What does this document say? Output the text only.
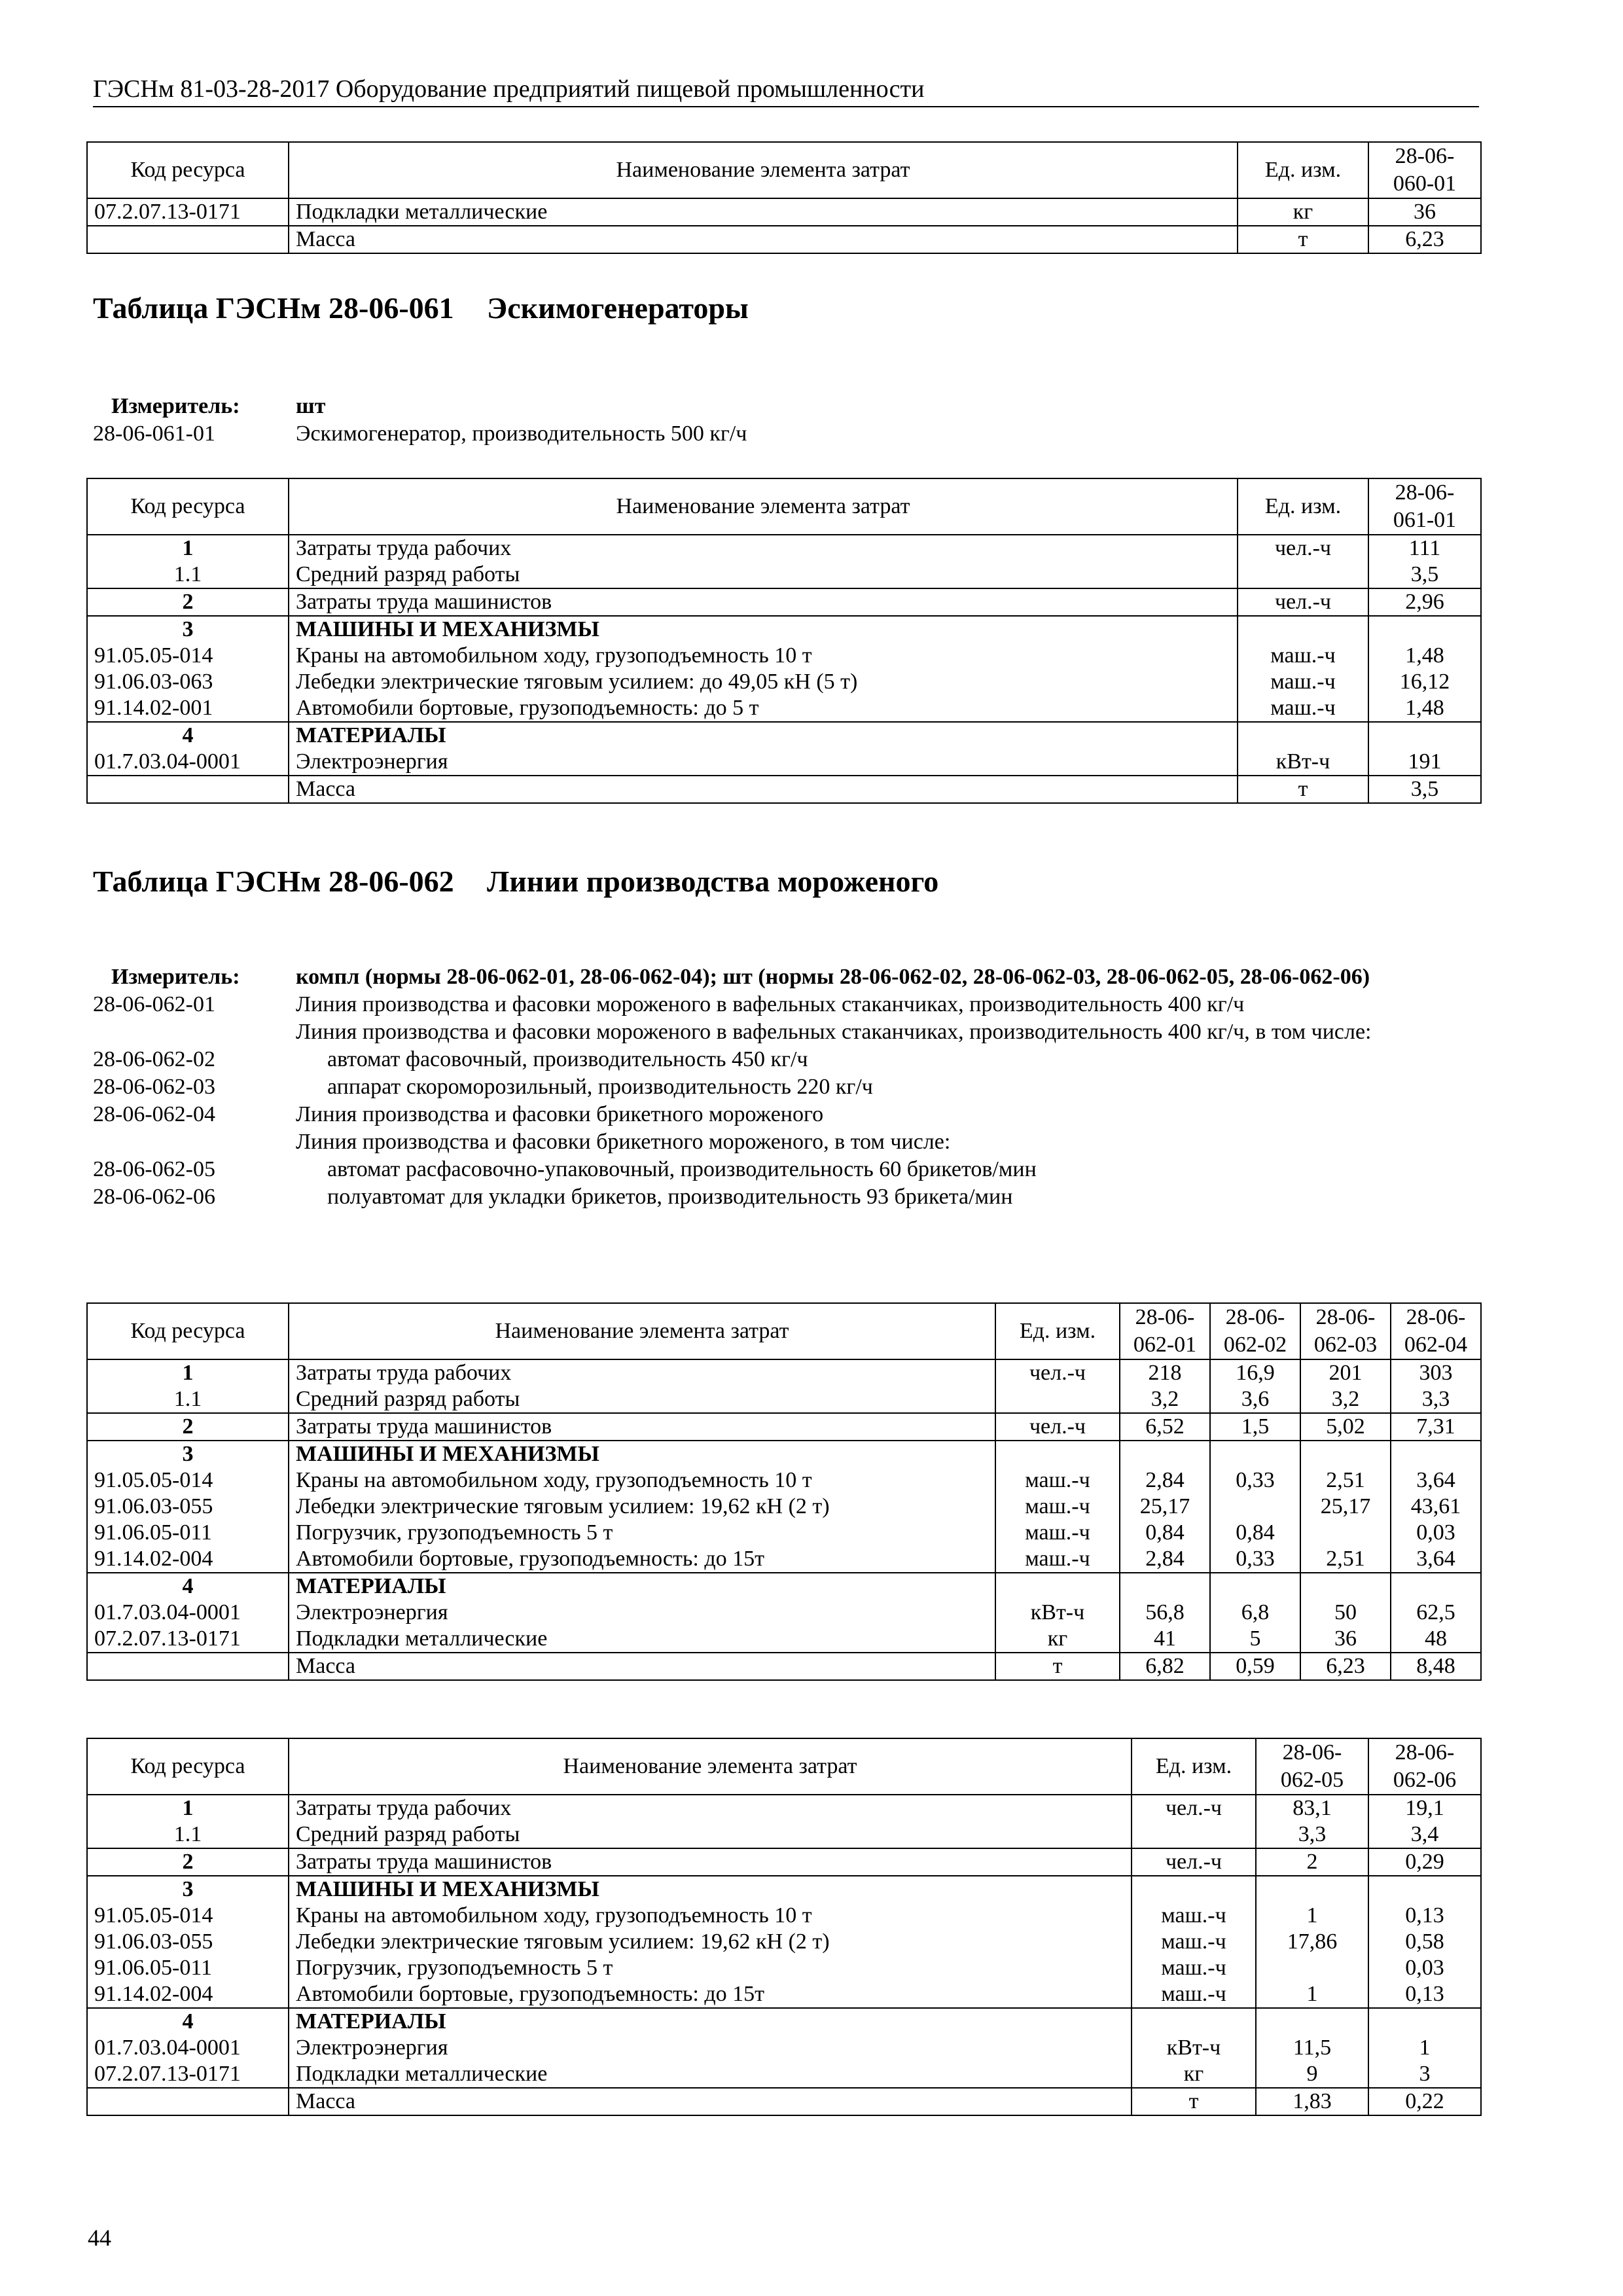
ГЭСНм 81-03-28-2017 Оборудование предприятий пищевой промышленности
Код ресурса	Наименование элемента затрат	Ед. изм.	28-06-060-01
07.2.07.13-0171	Подкладки металлические	кг	36
	Масса	т	6,23
Таблица ГЭСНм 28-06-061 Эскимогенераторы
Измеритель:	шт
28-06-061-01	Эскимогенератор, производительность 500 кг/ч
Код ресурса	Наименование элемента затрат	Ед. изм.	28-06-061-01
1	Затраты труда рабочих	чел.-ч	111
1.1	Средний разряд работы		3,5
2	Затраты труда машинистов	чел.-ч	2,96
3	МАШИНЫ И МЕХАНИЗМЫ		
91.05.05-014	Краны на автомобильном ходу, грузоподъемность 10 т	маш.-ч	1,48
91.06.03-063	Лебедки электрические тяговым усилием: до 49,05 кН (5 т)	маш.-ч	16,12
91.14.02-001	Автомобили бортовые, грузоподъемность: до 5 т	маш.-ч	1,48
4	МАТЕРИАЛЫ		
01.7.03.04-0001	Электроэнергия	кВт-ч	191
	Масса	т	3,5
Таблица ГЭСНм 28-06-062 Линии производства мороженого
Измеритель:	компл (нормы 28-06-062-01, 28-06-062-04); шт (нормы 28-06-062-02, 28-06-062-03, 28-06-062-05, 28-06-062-06)
28-06-062-01	Линия производства и фасовки мороженого в вафельных стаканчиках, производительность 400 кг/ч
Линия производства и фасовки мороженого в вафельных стаканчиках, производительность 400 кг/ч, в том числе:
28-06-062-02	автомат фасовочный, производительность 450 кг/ч
28-06-062-03	аппарат скороморозильный, производительность 220 кг/ч
28-06-062-04	Линия производства и фасовки брикетного мороженого
Линия производства и фасовки брикетного мороженого, в том числе:
28-06-062-05	автомат расфасовочно-упаковочный, производительность 60 брикетов/мин
28-06-062-06	полуавтомат для укладки брикетов, производительность 93 брикета/мин
Код ресурса	Наименование элемента затрат	Ед. изм.	28-06-062-01	28-06-062-02	28-06-062-03	28-06-062-04
1	Затраты труда рабочих	чел.-ч	218	16,9	201	303
1.1	Средний разряд работы		3,2	3,6	3,2	3,3
2	Затраты труда машинистов	чел.-ч	6,52	1,5	5,02	7,31
3	МАШИНЫ И МЕХАНИЗМЫ					
91.05.05-014	Краны на автомобильном ходу, грузоподъемность 10 т	маш.-ч	2,84	0,33	2,51	3,64
91.06.03-055	Лебедки электрические тяговым усилием: 19,62 кН (2 т)	маш.-ч	25,17		25,17	43,61
91.06.05-011	Погрузчик, грузоподъемность 5 т	маш.-ч	0,84	0,84		0,03
91.14.02-004	Автомобили бортовые, грузоподъемность: до 15т	маш.-ч	2,84	0,33	2,51	3,64
4	МАТЕРИАЛЫ					
01.7.03.04-0001	Электроэнергия	кВт-ч	56,8	6,8	50	62,5
07.2.07.13-0171	Подкладки металлические	кг	41	5	36	48
	Масса	т	6,82	0,59	6,23	8,48
Код ресурса	Наименование элемента затрат	Ед. изм.	28-06-062-05	28-06-062-06
1	Затраты труда рабочих	чел.-ч	83,1	19,1
1.1	Средний разряд работы		3,3	3,4
2	Затраты труда машинистов	чел.-ч	2	0,29
3	МАШИНЫ И МЕХАНИЗМЫ			
91.05.05-014	Краны на автомобильном ходу, грузоподъемность 10 т	маш.-ч	1	0,13
91.06.03-055	Лебедки электрические тяговым усилием: 19,62 кН (2 т)	маш.-ч	17,86	0,58
91.06.05-011	Погрузчик, грузоподъемность 5 т	маш.-ч		0,03
91.14.02-004	Автомобили бортовые, грузоподъемность: до 15т	маш.-ч	1	0,13
4	МАТЕРИАЛЫ			
01.7.03.04-0001	Электроэнергия	кВт-ч	11,5	1
07.2.07.13-0171	Подкладки металлические	кг	9	3
	Масса	т	1,83	0,22
44
